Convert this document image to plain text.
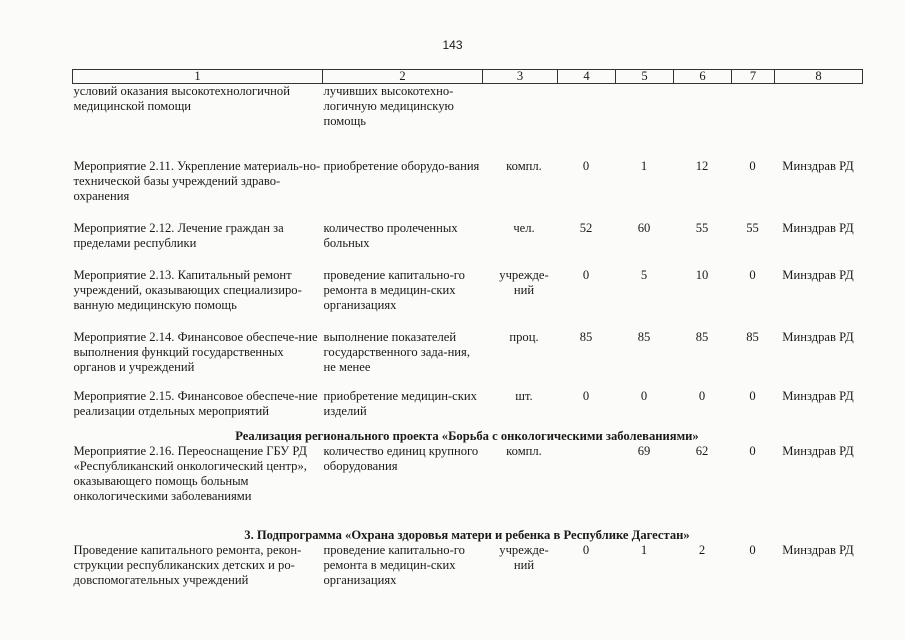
143
1	2	3	4	5	6	7	8
условий оказания высокотехнологичной медицинской помощи	лучивших высокотехно-логичную медицинскую помощь						
Мероприятие 2.11. Укрепление материаль-но-технической базы учреждений здраво-охранения	приобретение оборудо-вания	компл.	0	1	12	0	Минздрав РД
Мероприятие 2.12. Лечение граждан за пределами республики	количество пролеченных больных	чел.	52	60	55	55	Минздрав РД
Мероприятие 2.13. Капитальный ремонт учреждений, оказывающих специализиро-ванную медицинскую помощь	проведение капитально-го ремонта в медицин-ских организациях	учрежде-ний	0	5	10	0	Минздрав РД
Мероприятие 2.14. Финансовое обеспече-ние выполнения функций государственных органов и учреждений	выполнение показателей государственного зада-ния, не менее	проц.	85	85	85	85	Минздрав РД
Мероприятие 2.15. Финансовое обеспече-ние реализации отдельных мероприятий	приобретение медицин-ских изделий	шт.	0	0	0	0	Минздрав РД
Реализация регионального проекта «Борьба с онкологическими заболеваниями»							
Мероприятие 2.16. Переоснащение ГБУ РД «Республиканский онкологический центр», оказывающего помощь больным онкологическими заболеваниями	количество единиц крупного оборудования	компл.		69	62	0	Минздрав РД
3. Подпрограмма «Охрана здоровья матери и ребенка в Республике Дагестан»							
Проведение капитального ремонта, рекон-струкции республиканских детских и ро-довспомогательных учреждений	проведение капитально-го ремонта в медицин-ских организациях	учрежде-ний	0	1	2	0	Минздрав РД
